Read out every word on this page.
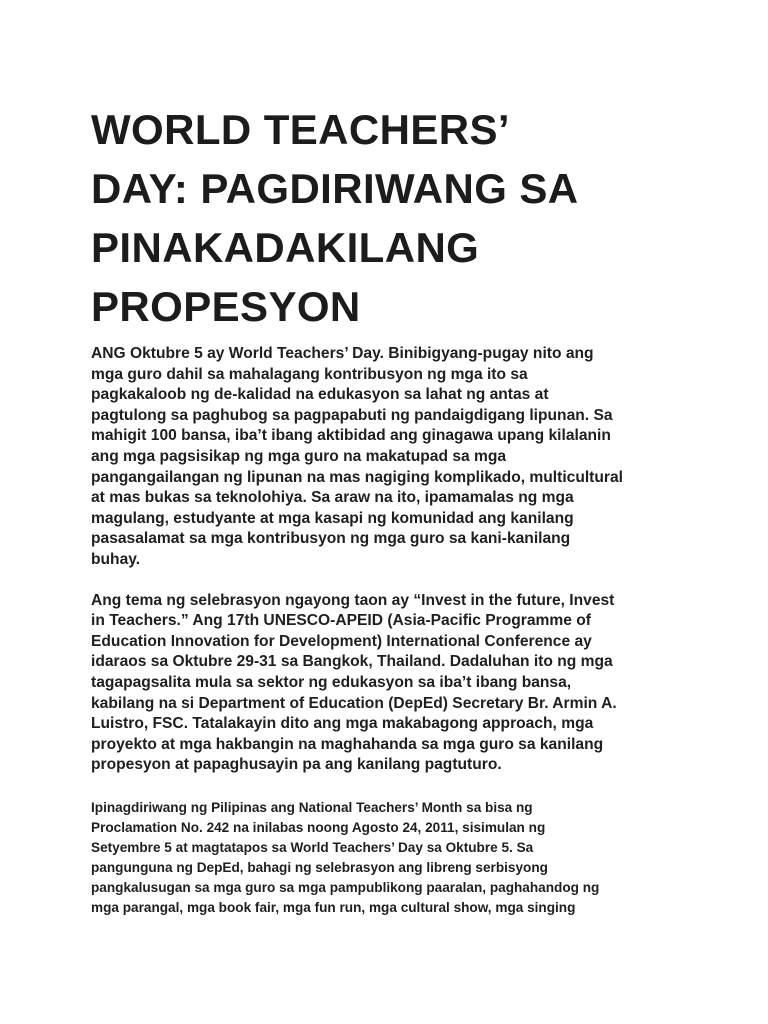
WORLD TEACHERS’
DAY: PAGDIRIWANG SA
PINAKADAKILANG
PROPESYON

ANG Oktubre 5 ay World Teachers’ Day. Binibigyang-pugay nito ang
mga guro dahil sa mahalagang kontribusyon ng mga ito sa
pagkakaloob ng de-kalidad na edukasyon sa lahat ng antas at
pagtulong sa paghubog sa pagpapabuti ng pandaigdigang lipunan. Sa
mahigit 100 bansa, iba’t ibang aktibidad ang ginagawa upang kilalanin
ang mga pagsisikap ng mga guro na makatupad sa mga
pangangailangan ng lipunan na mas nagiging komplikado, multicultural
at mas bukas sa teknolohiya. Sa araw na ito, ipamamalas ng mga
magulang, estudyante at mga kasapi ng komunidad ang kanilang
pasasalamat sa mga kontribusyon ng mga guro sa kani-kanilang
buhay.

Ang tema ng selebrasyon ngayong taon ay “Invest in the future, Invest
in Teachers.” Ang 17th UNESCO-APEID (Asia-Pacific Programme of
Education Innovation for Development) International Conference ay
idaraos sa Oktubre 29-31 sa Bangkok, Thailand. Dadaluhan ito ng mga
tagapagsalita mula sa sektor ng edukasyon sa iba’t ibang bansa,
kabilang na si Department of Education (DepEd) Secretary Br. Armin A.
Luistro, FSC. Tatalakayin dito ang mga makabagong approach, mga
proyekto at mga hakbangin na maghahanda sa mga guro sa kanilang
propesyon at papaghusayin pa ang kanilang pagtuturo.

Ipinagdiriwang ng Pilipinas ang National Teachers’ Month sa bisa ng
Proclamation No. 242 na inilabas noong Agosto 24, 2011, sisimulan ng
Setyembre 5 at magtatapos sa World Teachers’ Day sa Oktubre 5. Sa
pangunguna ng DepEd, bahagi ng selebrasyon ang libreng serbisyong
pangkalusugan sa mga guro sa mga pampublikong paaralan, paghahandog ng
mga parangal, mga book fair, mga fun run, mga cultural show, mga singing
